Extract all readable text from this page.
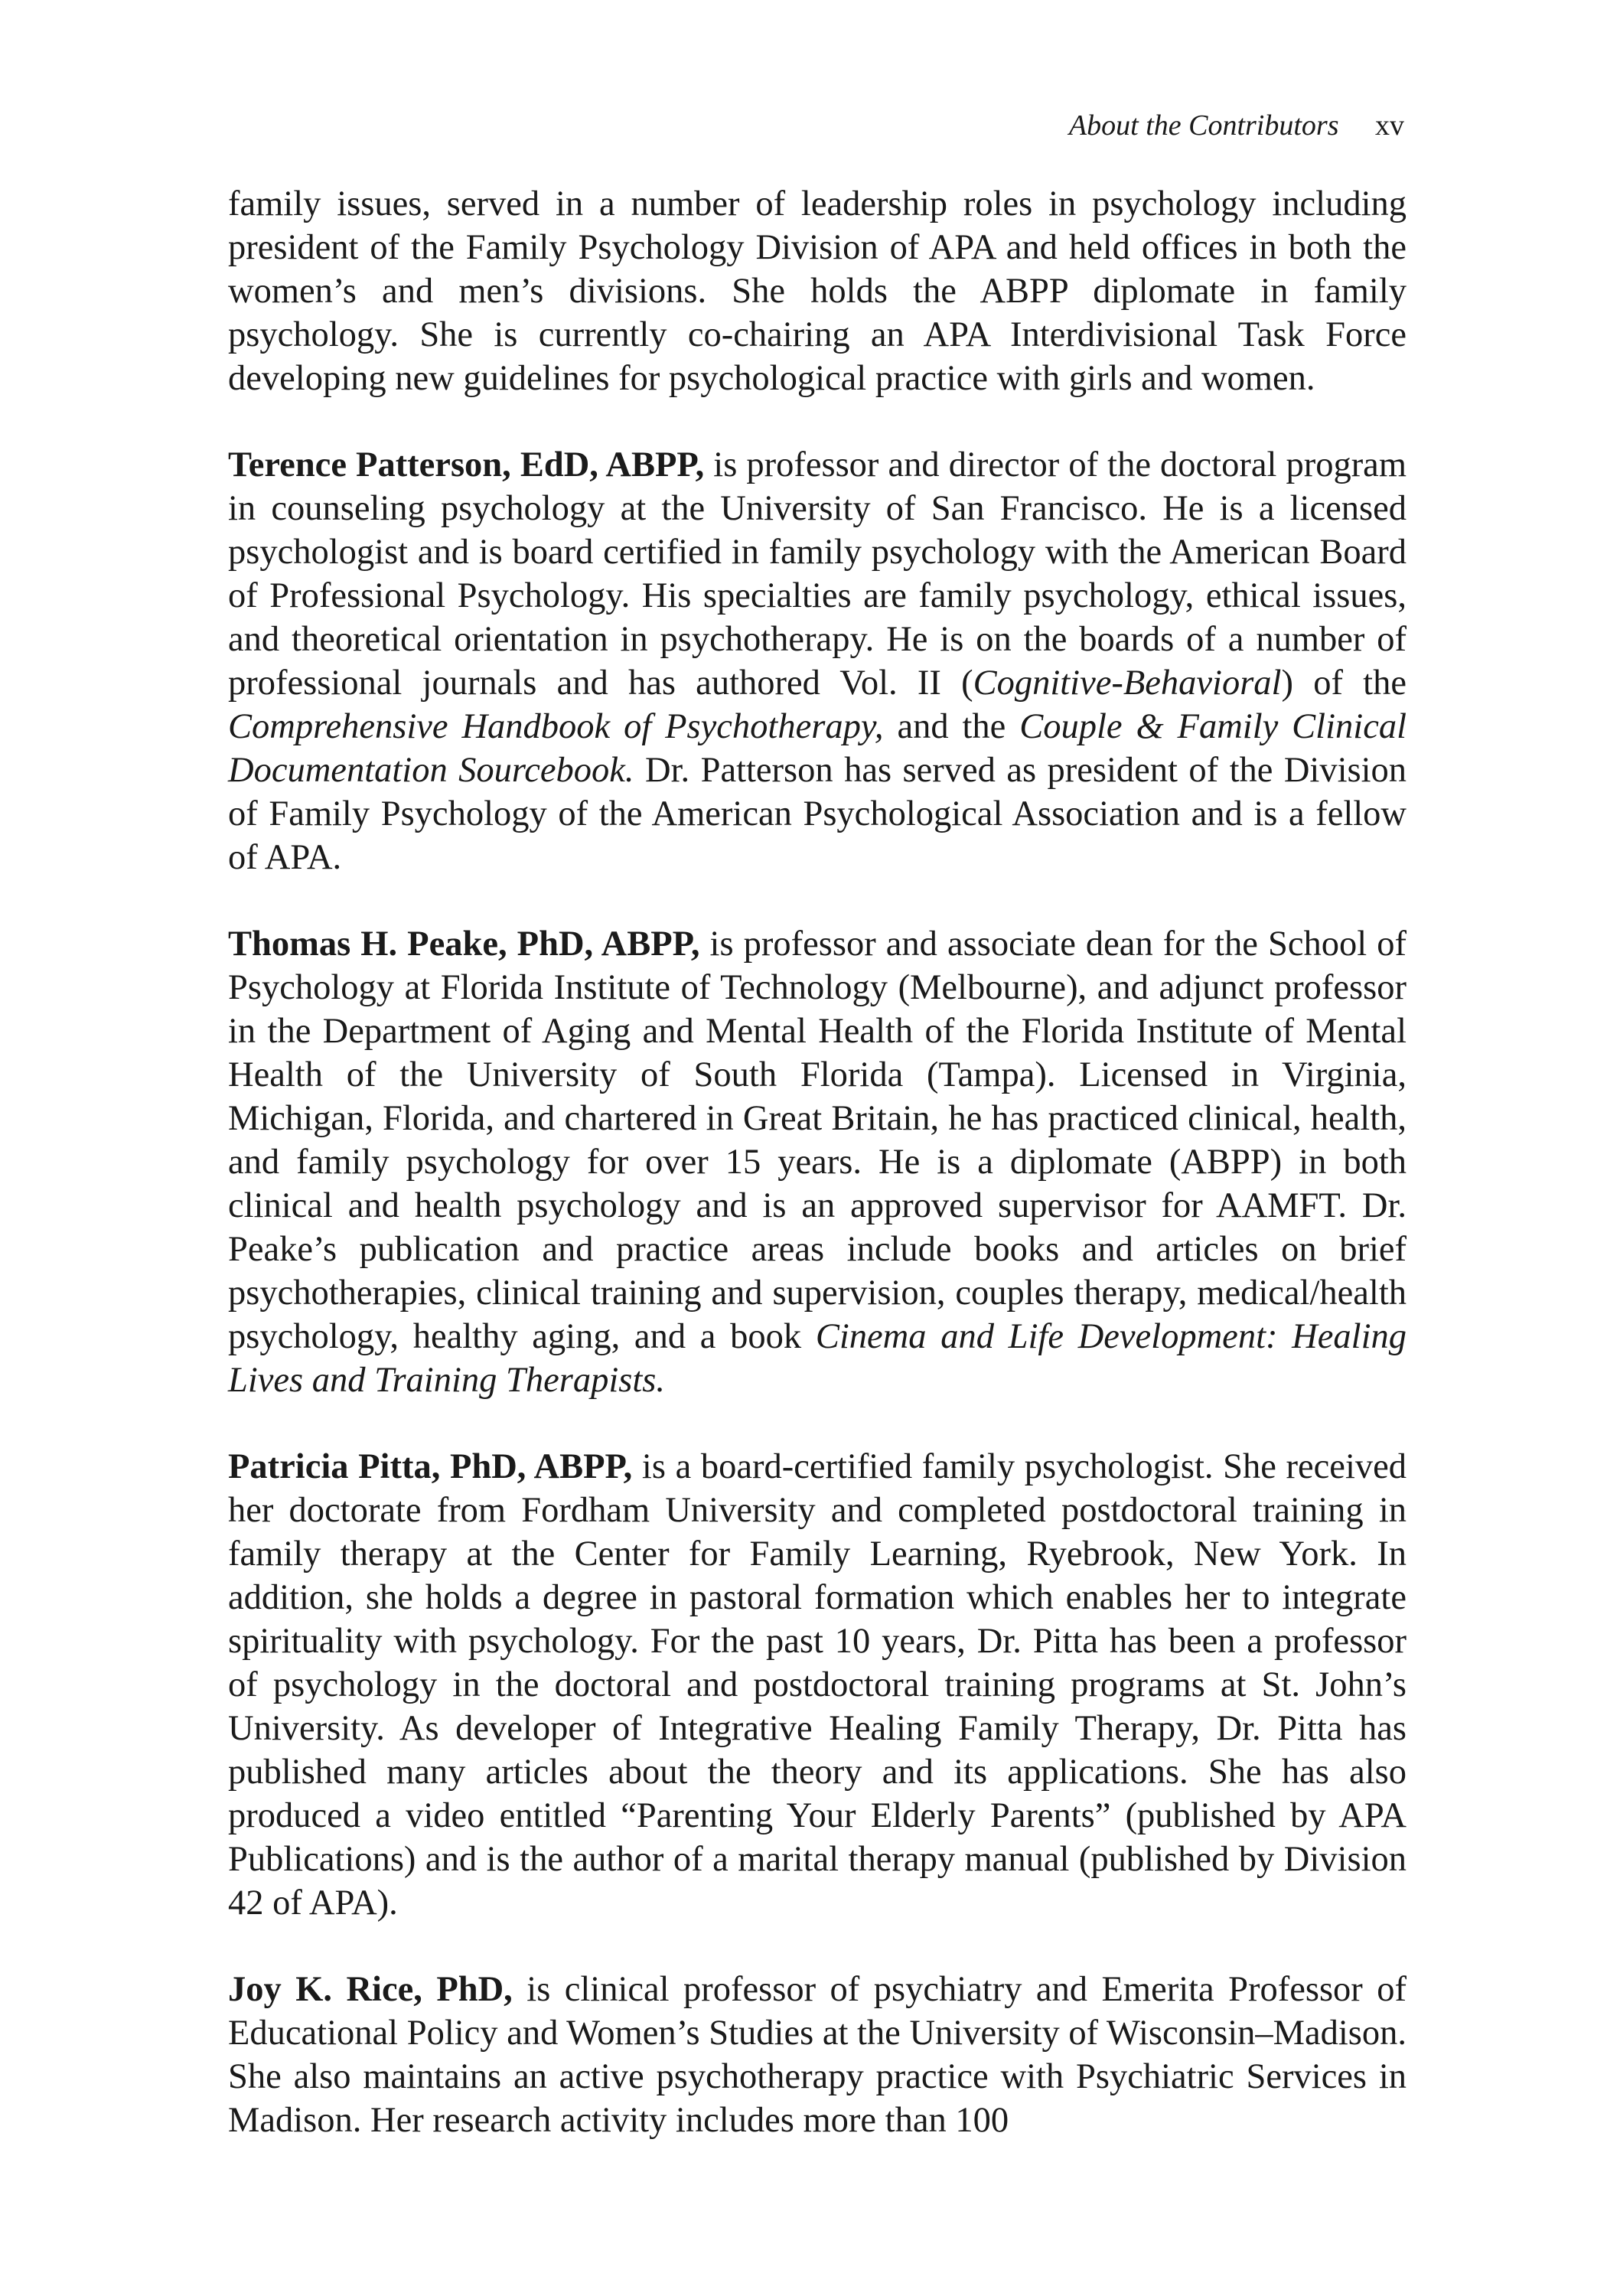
About the Contributors xv

family issues, served in a number of leadership roles in psychology including president of the Family Psychology Division of APA and held offices in both the women’s and men’s divisions. She holds the ABPP diplomate in family psychology. She is currently co-chairing an APA Interdivisional Task Force developing new guidelines for psychological practice with girls and women.

Terence Patterson, EdD, ABPP, is professor and director of the doctoral program in counseling psychology at the University of San Francisco. He is a licensed psychologist and is board certified in family psychology with the American Board of Professional Psychology. His specialties are family psychology, ethical issues, and theoretical orientation in psychotherapy. He is on the boards of a number of professional journals and has authored Vol. II (Cognitive-Behavioral) of the Comprehensive Handbook of Psychotherapy, and the Couple & Family Clinical Documentation Sourcebook. Dr. Patterson has served as president of the Division of Family Psychology of the American Psychological Association and is a fellow of APA.

Thomas H. Peake, PhD, ABPP, is professor and associate dean for the School of Psychology at Florida Institute of Technology (Melbourne), and adjunct professor in the Department of Aging and Mental Health of the Florida Institute of Mental Health of the University of South Florida (Tampa). Licensed in Virginia, Michigan, Florida, and chartered in Great Britain, he has practiced clinical, health, and family psychology for over 15 years. He is a diplomate (ABPP) in both clinical and health psychology and is an approved supervisor for AAMFT. Dr. Peake’s publication and practice areas include books and articles on brief psychotherapies, clinical training and supervision, couples therapy, medical/health psychology, healthy aging, and a book Cinema and Life Development: Healing Lives and Training Therapists.

Patricia Pitta, PhD, ABPP, is a board-certified family psychologist. She received her doctorate from Fordham University and completed postdoctoral training in family therapy at the Center for Family Learning, Ryebrook, New York. In addition, she holds a degree in pastoral formation which enables her to integrate spirituality with psychology. For the past 10 years, Dr. Pitta has been a professor of psychology in the doctoral and postdoctoral training programs at St. John’s University. As developer of Integrative Healing Family Therapy, Dr. Pitta has published many articles about the theory and its applications. She has also produced a video entitled “Parenting Your Elderly Parents” (published by APA Publications) and is the author of a marital therapy manual (published by Division 42 of APA).

Joy K. Rice, PhD, is clinical professor of psychiatry and Emerita Professor of Educational Policy and Women’s Studies at the University of Wisconsin–Madison. She also maintains an active psychotherapy practice with Psychiatric Services in Madison. Her research activity includes more than 100
